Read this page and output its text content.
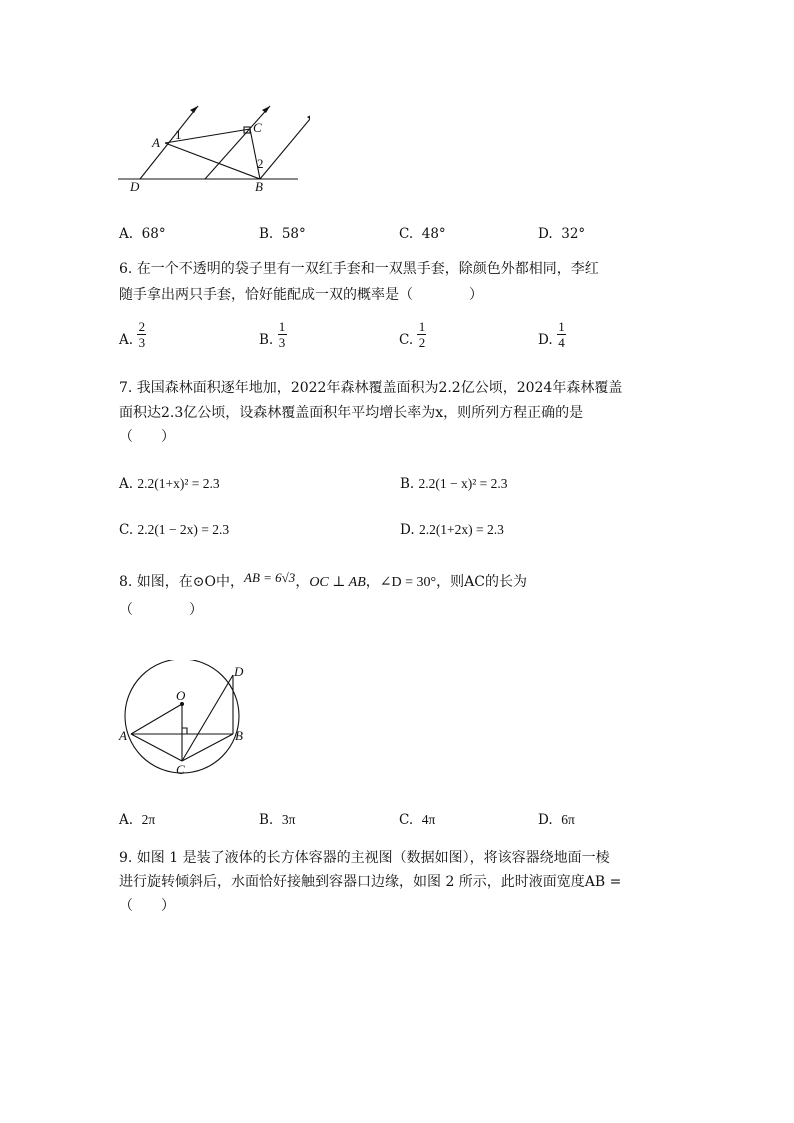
A
C
B
D
1
2
A. 68°	B. 58°	C. 48°	D. 32°
6. 在一个不透明的袋子里有一双红手套和一双黑手套，除颜色外都相同，李红
随手拿出两只手套，恰好能配成一双的概率是（　　　　）
A. $\frac{2}{3}$	B. $\frac{1}{3}$	C. $\frac{1}{2}$	D. $\frac{1}{4}$
7. 我国森林面积逐年地加，2022年森林覆盖面积为2.2亿公顷，2024年森林覆盖
面积达2.3亿公顷，设森林覆盖面积年平均增长率为x，则所列方程正确的是
（　　）
A. 2.2(1+x)² = 2.3	B. 2.2(1 − x)² = 2.3
C. 2.2(1 − 2x) = 2.3	D. 2.2(1+2x) = 2.3
8. 如图，在⊙O中，AB = 6√3，OC ⊥ AB，∠D = 30°，则AC的长为
（　　　　）
O
A	B
C
D
A. 2π	B. 3π	C. 4π	D. 6π
9. 如图 1 是装了液体的长方体容器的主视图（数据如图），将该容器绕地面一棱
进行旋转倾斜后，水面恰好接触到容器口边缘，如图 2 所示，此时液面宽度AB =
（　　）
